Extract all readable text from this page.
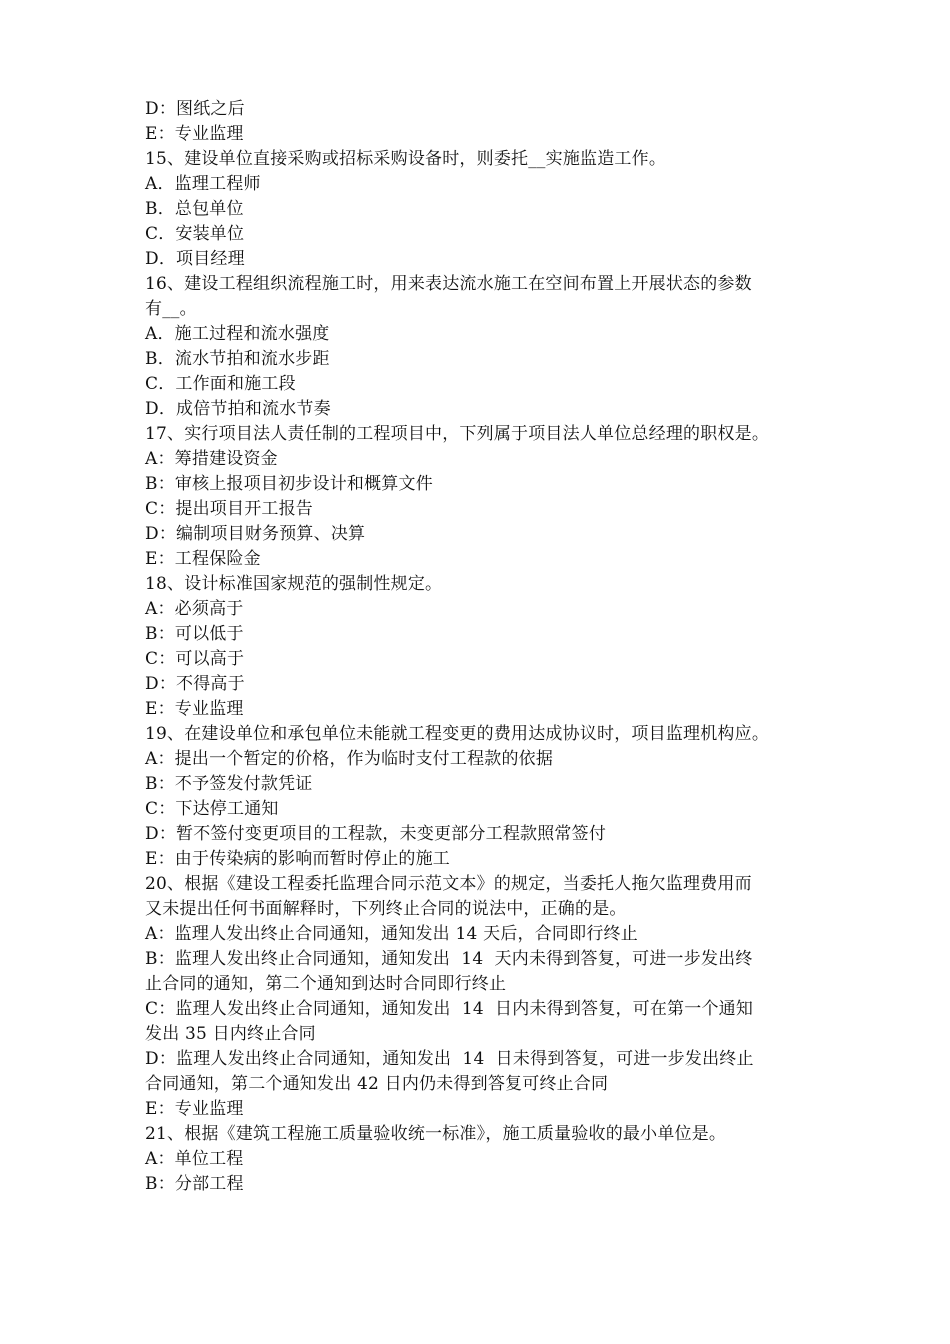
D：图纸之后
E：专业监理
15、建设单位直接采购或招标采购设备时，则委托__实施监造工作。
A．监理工程师
B．总包单位
C．安装单位
D．项目经理
16、建设工程组织流程施工时，用来表达流水施工在空间布置上开展状态的参数
有__。
A．施工过程和流水强度
B．流水节拍和流水步距
C．工作面和施工段
D．成倍节拍和流水节奏
17、实行项目法人责任制的工程项目中，下列属于项目法人单位总经理的职权是。
A：筹措建设资金
B：审核上报项目初步设计和概算文件
C：提出项目开工报告
D：编制项目财务预算、决算
E：工程保险金
18、设计标准国家规范的强制性规定。
A：必须高于
B：可以低于
C：可以高于
D：不得高于
E：专业监理
19、在建设单位和承包单位未能就工程变更的费用达成协议时，项目监理机构应。
A：提出一个暂定的价格，作为临时支付工程款的依据
B：不予签发付款凭证
C：下达停工通知
D：暂不签付变更项目的工程款，未变更部分工程款照常签付
E：由于传染病的影响而暂时停止的施工
20、根据《建设工程委托监理合同示范文本》的规定，当委托人拖欠监理费用而
又未提出任何书面解释时，下列终止合同的说法中，正确的是。
A：监理人发出终止合同通知，通知发出 14 天后，合同即行终止
B：监理人发出终止合同通知，通知发出  14  天内未得到答复，可进一步发出终
止合同的通知，第二个通知到达时合同即行终止
C：监理人发出终止合同通知，通知发出  14  日内未得到答复，可在第一个通知
发出 35 日内终止合同
D：监理人发出终止合同通知，通知发出  14  日未得到答复，可进一步发出终止
合同通知，第二个通知发出 42 日内仍未得到答复可终止合同
E：专业监理
21、根据《建筑工程施工质量验收统一标准》，施工质量验收的最小单位是。
A：单位工程
B：分部工程
